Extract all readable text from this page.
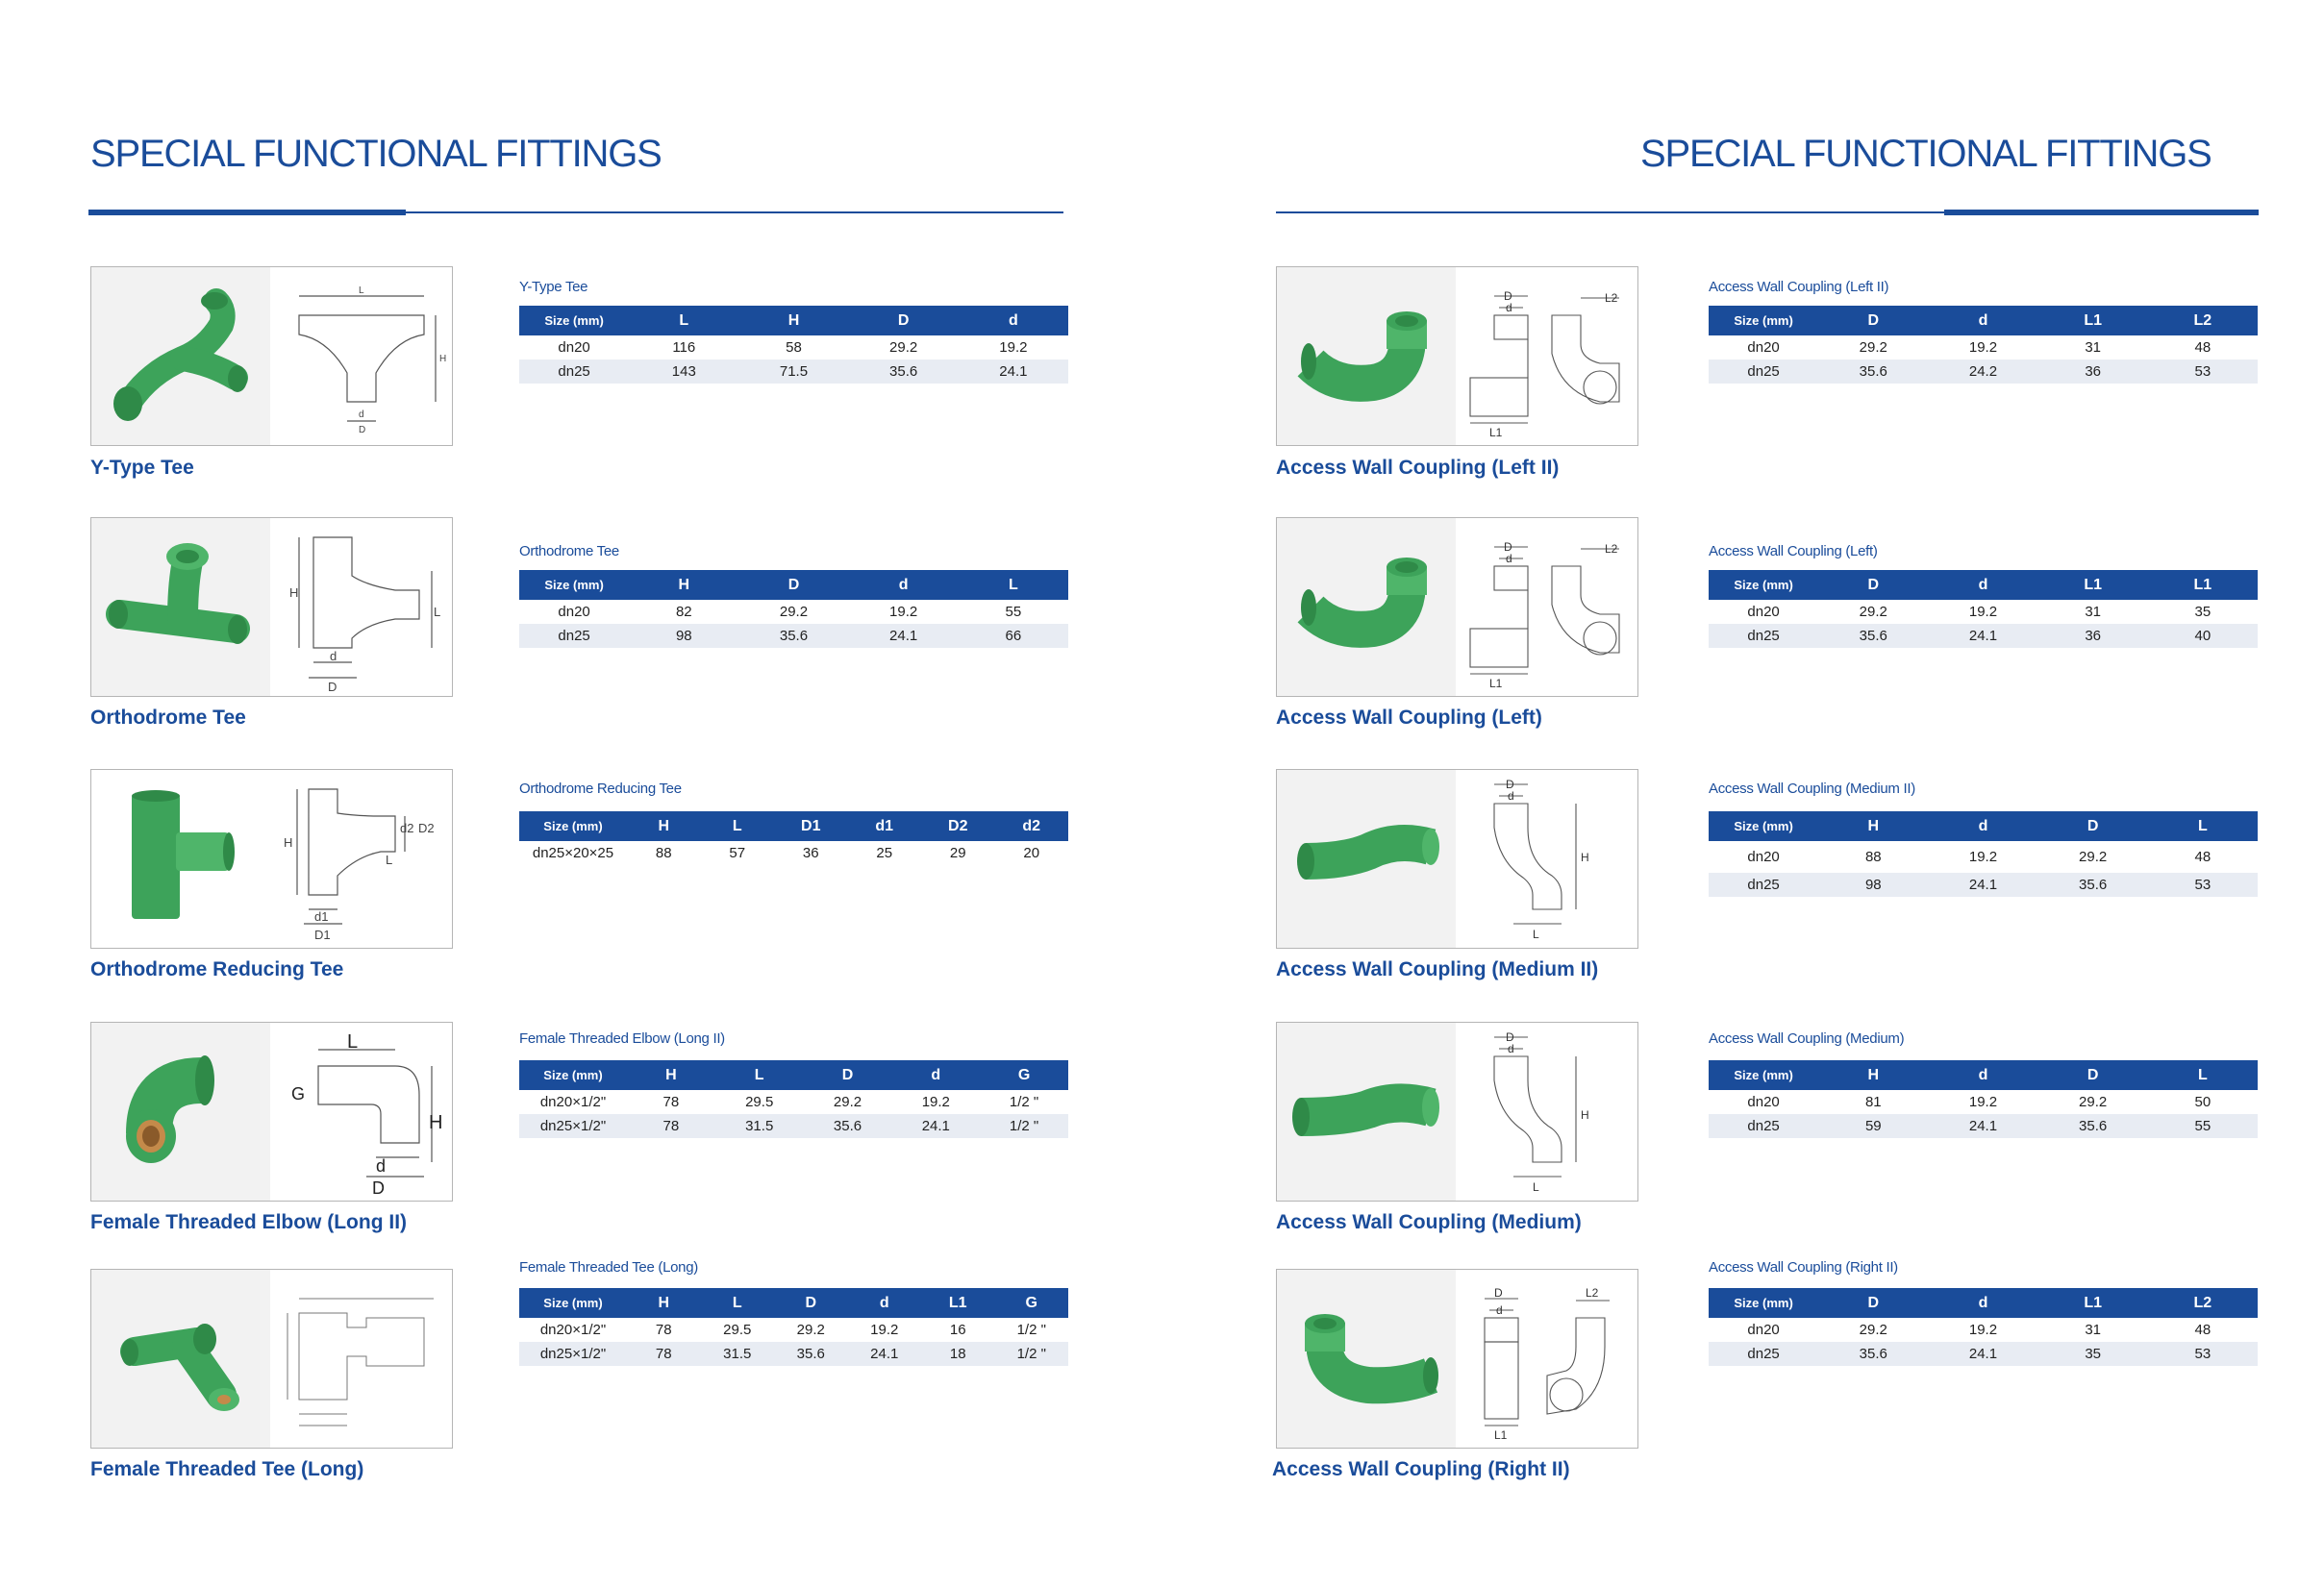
SPECIAL FUNCTIONAL FITTINGS	SPECIAL FUNCTIONAL FITTINGS
L
H
d
D
Y-Type Tee
Y-Type Tee
Size (mm)	L	H	D	d
dn20	116	58	29.2	19.2
dn25	143	71.5	35.6	24.1
H
L
d
D
Orthodrome Tee
Orthodrome Tee
Size (mm)	H	D	d	L
dn20	82	29.2	19.2	55
dn25	98	35.6	24.1	66
H
d2 D2
L
d1
D1
Orthodrome Reducing Tee
Orthodrome Reducing Tee
Size (mm)	H	L	D1	d1	D2	d2
dn25×20×25	88	57	36	25	29	20
L
G
H
d
D
Female Threaded Elbow (Long II)
Female Threaded Elbow (Long II)
Size (mm)	H	L	D	d	G
dn20×1/2"	78	29.5	29.2	19.2	1/2 "
dn25×1/2"	78	31.5	35.6	24.1	1/2 "
Female Threaded Tee (Long)
Female Threaded Tee (Long)
Size (mm)	H	L	D	d	L1	G
dn20×1/2"	78	29.5	29.2	19.2	16	1/2 "
dn25×1/2"	78	31.5	35.6	24.1	18	1/2 "
D
d
L1
L2
Access Wall Coupling (Left II)
Access Wall Coupling (Left II)
Size (mm)	D	d	L1	L2
dn20	29.2	19.2	31	48
dn25	35.6	24.2	36	53
D
d
L1
L2
Access Wall Coupling (Left)
Access Wall Coupling (Left)
Size (mm)	D	d	L1	L1
dn20	29.2	19.2	31	35
dn25	35.6	24.1	36	40
D
d
H
L
Access Wall Coupling (Medium II)
Access Wall Coupling (Medium II)
Size (mm)	H	d	D	L
dn20	88	19.2	29.2	48
dn25	98	24.1	35.6	53
D
d
H
L
Access Wall Coupling (Medium)
Access Wall Coupling (Medium)
Size (mm)	H	d	D	L
dn20	81	19.2	29.2	50
dn25	59	24.1	35.6	55
D
d
L1
L2
Access Wall Coupling (Right II)
Access Wall Coupling (Right II)
Size (mm)	D	d	L1	L2
dn20	29.2	19.2	31	48
dn25	35.6	24.1	35	53
